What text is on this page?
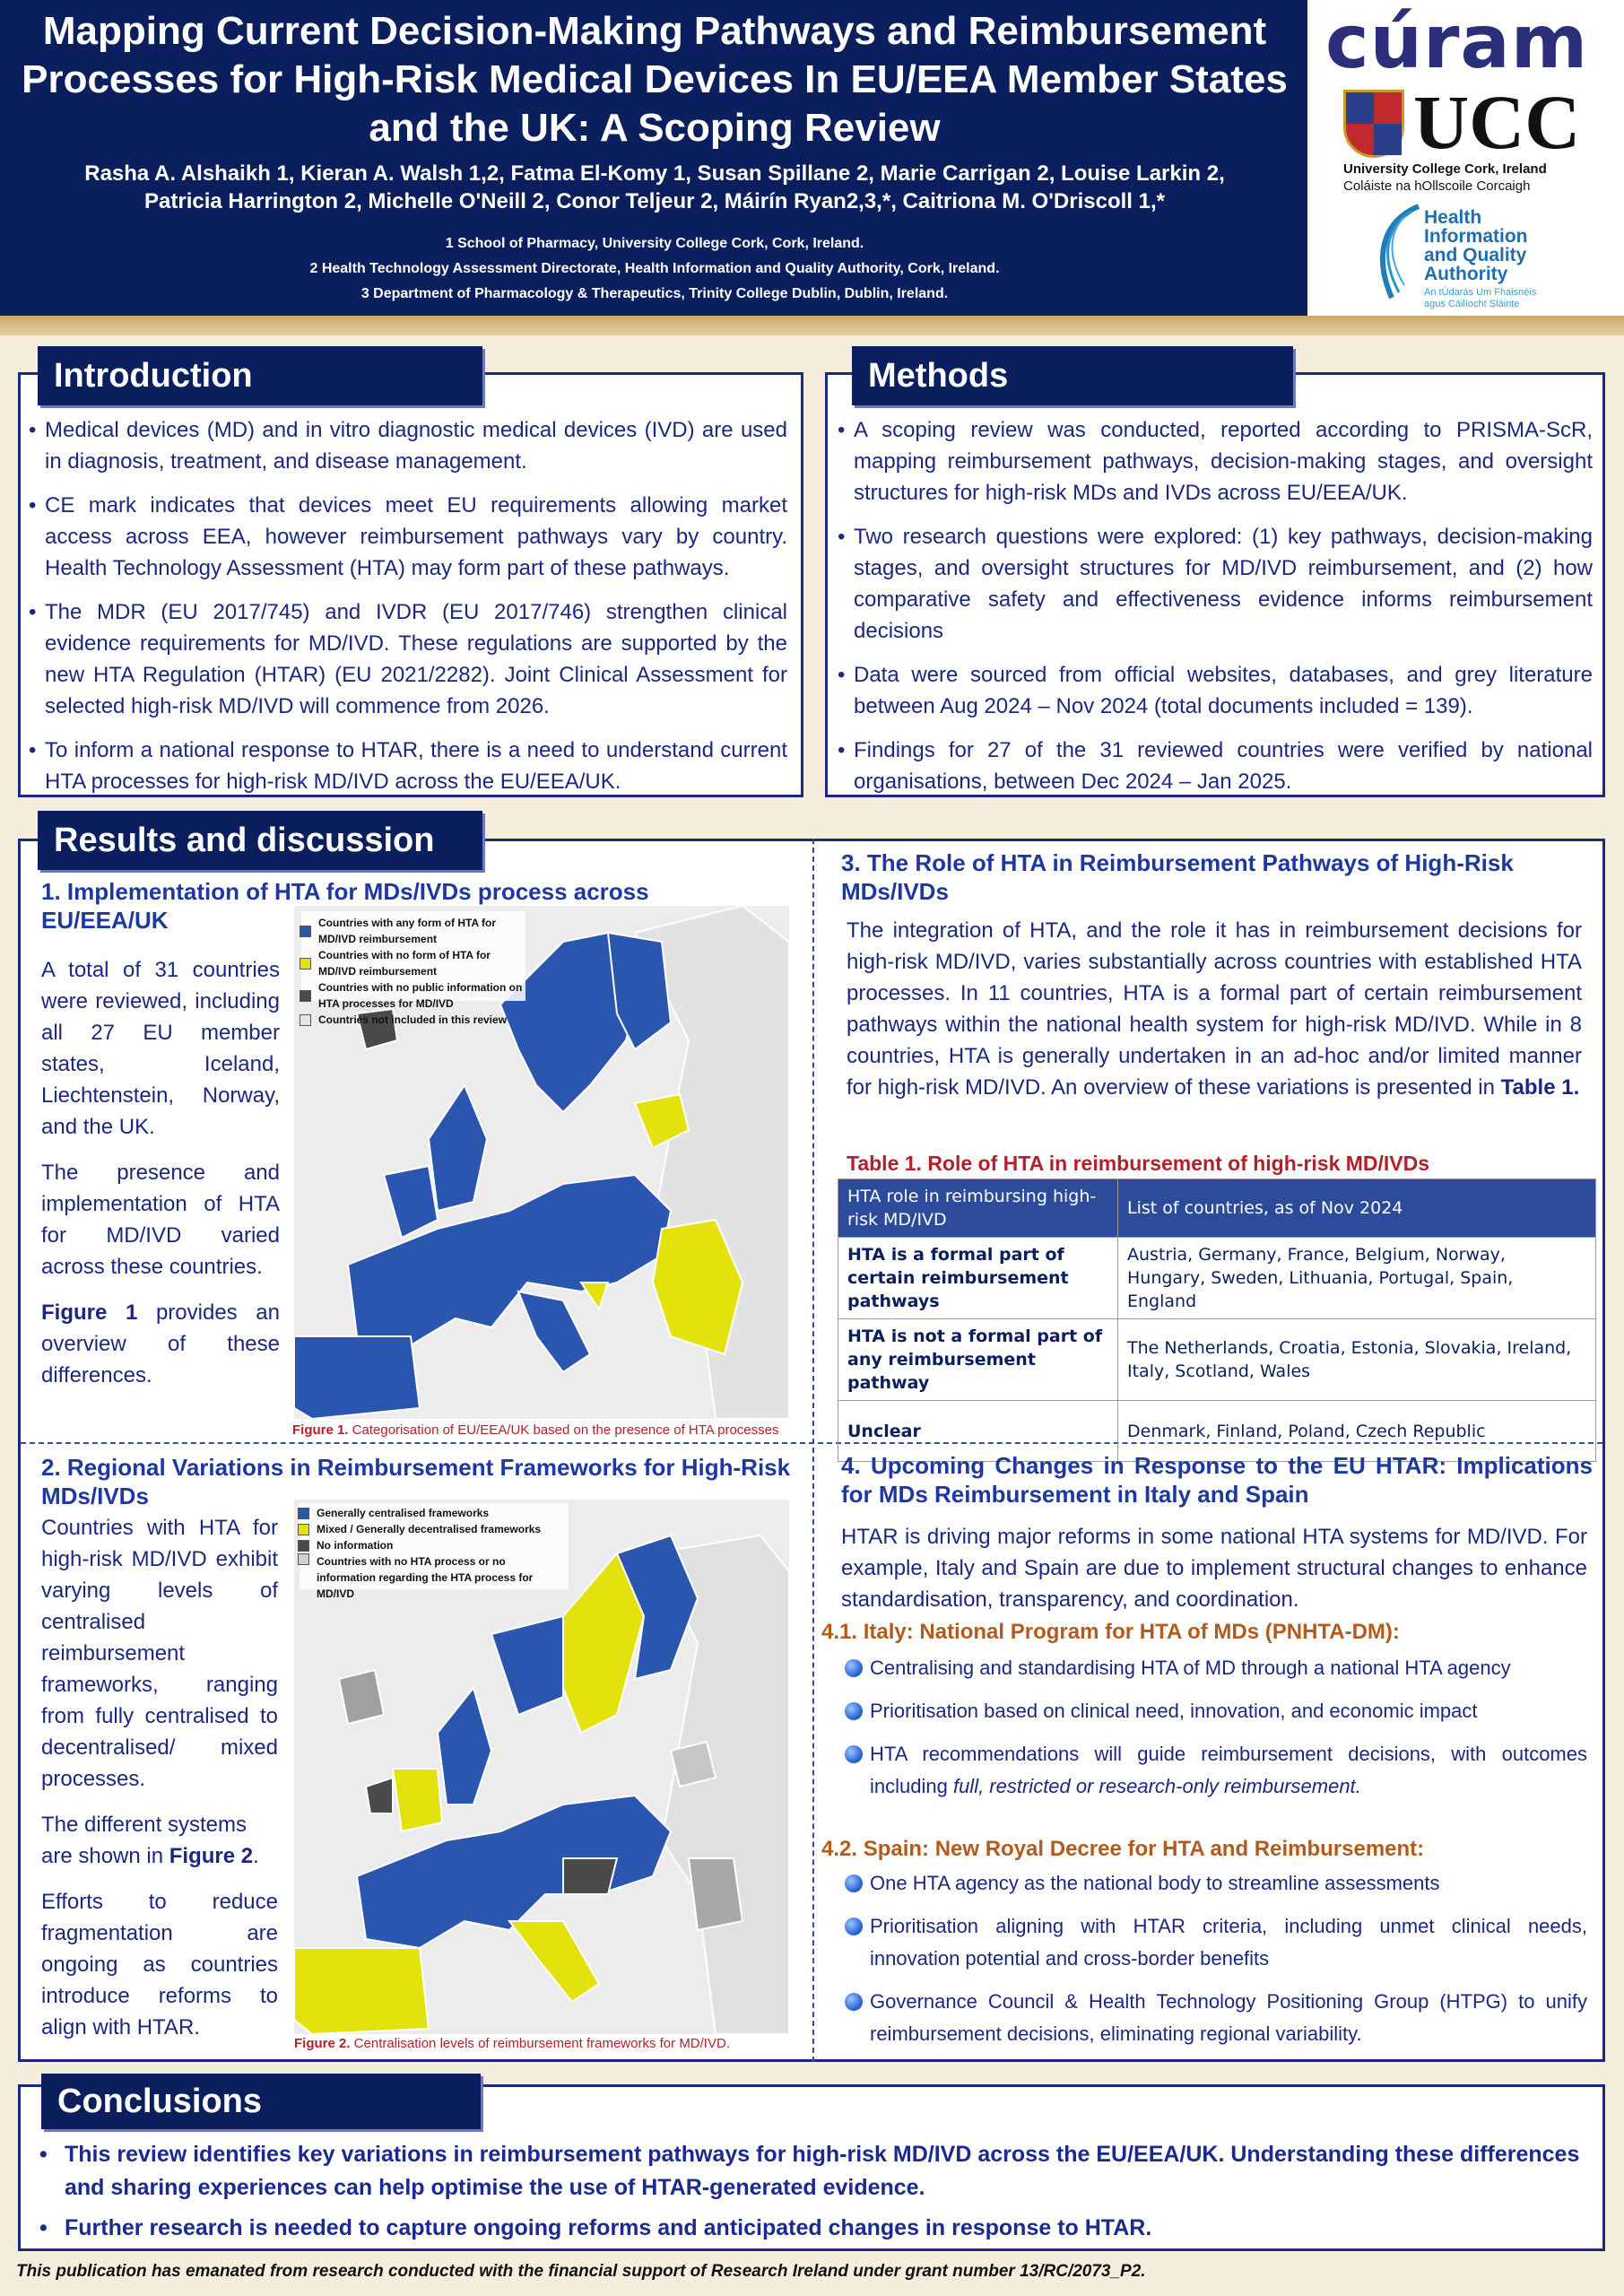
Mapping Current Decision-Making Pathways and Reimbursement Processes for High-Risk Medical Devices In EU/EEA Member States and the UK: A Scoping Review
Rasha A. Alshaikh 1, Kieran A. Walsh 1,2, Fatma El-Komy 1, Susan Spillane 2, Marie Carrigan 2, Louise Larkin 2,
Patricia Harrington 2, Michelle O'Neill 2, Conor Teljeur 2, Máirín Ryan2,3,*, Caitriona M. O'Driscoll 1,*
1 School of Pharmacy, University College Cork, Cork, Ireland.
2 Health Technology Assessment Directorate, Health Information and Quality Authority, Cork, Ireland.
3 Department of Pharmacology & Therapeutics, Trinity College Dublin, Dublin, Ireland.
cúram
UCC
University College Cork, Ireland
Coláiste na hOllscoile Corcaigh
Health
Information
and Quality
Authority
An tÚdarás Um Fhaisnéis
agus Cáilíocht Sláinte
Introduction
• Medical devices (MD) and in vitro diagnostic medical devices (IVD) are used in diagnosis, treatment, and disease management.
• CE mark indicates that devices meet EU requirements allowing market access across EEA, however reimbursement pathways vary by country. Health Technology Assessment (HTA) may form part of these pathways.
• The MDR (EU 2017/745) and IVDR (EU 2017/746) strengthen clinical evidence requirements for MD/IVD. These regulations are supported by the new HTA Regulation (HTAR) (EU 2021/2282). Joint Clinical Assessment for selected high-risk MD/IVD will commence from 2026.
• To inform a national response to HTAR, there is a need to understand current HTA processes for high-risk MD/IVD across the EU/EEA/UK.
Methods
• A scoping review was conducted, reported according to PRISMA-ScR, mapping reimbursement pathways, decision-making stages, and oversight structures for high-risk MDs and IVDs across EU/EEA/UK.
• Two research questions were explored: (1) key pathways, decision-making stages, and oversight structures for MD/IVD reimbursement, and (2) how comparative safety and effectiveness evidence informs reimbursement decisions
• Data were sourced from official websites, databases, and grey literature between Aug 2024 – Nov 2024 (total documents included = 139).
• Findings for 27 of the 31 reviewed countries were verified by national organisations, between Dec 2024 – Jan 2025.
Results and discussion
1. Implementation of HTA for MDs/IVDs process across EU/EEA/UK

A total of 31 countries were reviewed, including all 27 EU member states, Iceland, Liechtenstein, Norway, and the UK.

The presence and implementation of HTA for MD/IVD varied across these countries.

Figure 1 provides an overview of these differences.

Countries with any form of HTA for MD/IVD reimbursement
Countries with no form of HTA for MD/IVD reimbursement
Countries with no public information on HTA processes for MD/IVD
Countries not included in this review
Figure 1. Categorisation of EU/EEA/UK based on the presence of HTA processes
2. Regional Variations in Reimbursement Frameworks for High-Risk MDs/IVDs

Countries with HTA for high-risk MD/IVD exhibit varying levels of centralised reimbursement frameworks, ranging from fully centralised to decentralised/ mixed processes.

The different systems are shown in Figure 2.

Efforts to reduce fragmentation are ongoing as countries introduce reforms to align with HTAR.

Generally centralised frameworks
Mixed / Generally decentralised frameworks
No information
Countries with no HTA process or no information regarding the HTA process for MD/IVD
Figure 2. Centralisation levels of reimbursement frameworks for MD/IVD.
3. The Role of HTA in Reimbursement Pathways of High-Risk MDs/IVDs

The integration of HTA, and the role it has in reimbursement decisions for high-risk MD/IVD, varies substantially across countries with established HTA processes. In 11 countries, HTA is a formal part of certain reimbursement pathways within the national health system for high-risk MD/IVD. While in 8 countries, HTA is generally undertaken in an ad-hoc and/or limited manner for high-risk MD/IVD. An overview of these variations is presented in Table 1.

Table 1. Role of HTA in reimbursement of high-risk MD/IVDs
HTA role in reimbursing high-risk MD/IVD	List of countries, as of Nov 2024
HTA is a formal part of certain reimbursement pathways	Austria, Germany, France, Belgium, Norway, Hungary, Sweden, Lithuania, Portugal, Spain, England
HTA is not a formal part of any reimbursement pathway	The Netherlands, Croatia, Estonia, Slovakia, Ireland, Italy, Scotland, Wales
Unclear	Denmark, Finland, Poland, Czech Republic
4. Upcoming Changes in Response to the EU HTAR: Implications for MDs Reimbursement in Italy and Spain

HTAR is driving major reforms in some national HTA systems for MD/IVD. For example, Italy and Spain are due to implement structural changes to enhance standardisation, transparency, and coordination.

4.1. Italy: National Program for HTA of MDs (PNHTA-DM):
Centralising and standardising HTA of MD through a national HTA agency
Prioritisation based on clinical need, innovation, and economic impact
HTA recommendations will guide reimbursement decisions, with outcomes including full, restricted or research-only reimbursement.
4.2. Spain: New Royal Decree for HTA and Reimbursement:
One HTA agency as the national body to streamline assessments
Prioritisation aligning with HTAR criteria, including unmet clinical needs, innovation potential and cross-border benefits
Governance Council & Health Technology Positioning Group (HTPG) to unify reimbursement decisions, eliminating regional variability.
Conclusions
• This review identifies key variations in reimbursement pathways for high-risk MD/IVD across the EU/EEA/UK. Understanding these differences and sharing experiences can help optimise the use of HTAR-generated evidence.
• Further research is needed to capture ongoing reforms and anticipated changes in response to HTAR.
This publication has emanated from research conducted with the financial support of Research Ireland under grant number 13/RC/2073_P2.
